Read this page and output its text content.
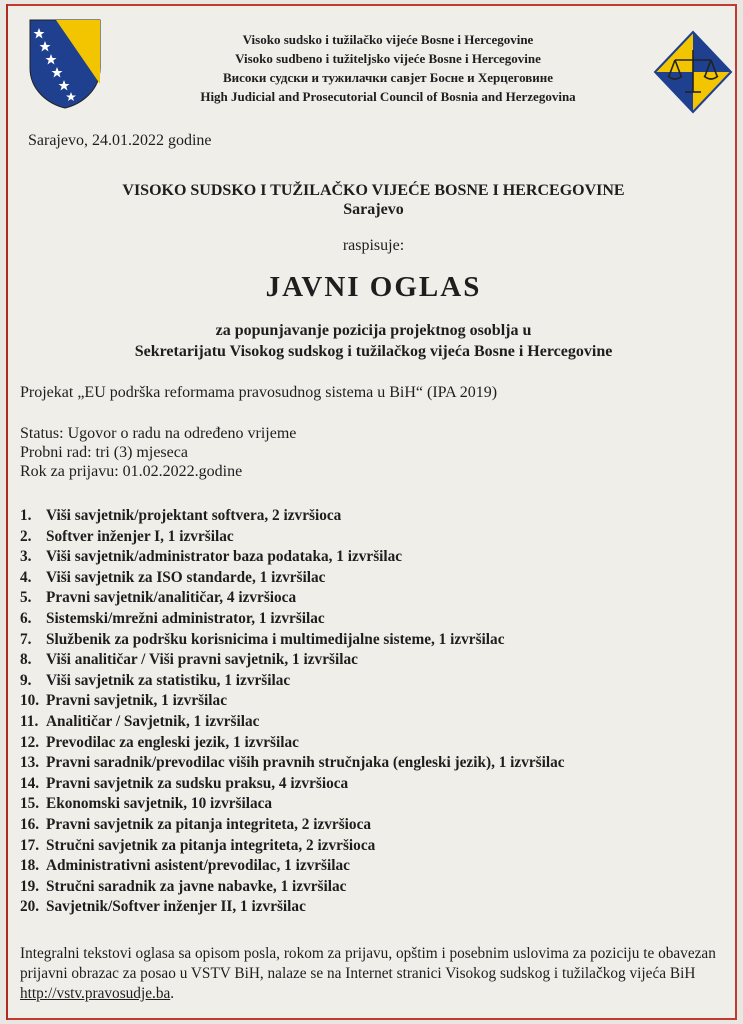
Visoko sudsko i tužilačko vijeće Bosne i Hercegovine
Visoko sudbeno i tužiteljsko vijeće Bosne i Hercegovine
Високи судски и тужилачки савјет Босне и Херцеговине
High Judicial and Prosecutorial Council of Bosnia and Herzegovina
Sarajevo, 24.01.2022 godine
VISOKO SUDSKO I TUŽILAČKO VIJEĆE BOSNE I HERCEGOVINE
Sarajevo
raspisuje:
JAVNI OGLAS
za popunjavanje pozicija projektnog osoblja u
Sekretarijatu Visokog sudskog i tužilačkog vijeća Bosne i Hercegovine
Projekat „EU podrška reformama pravosudnog sistema u BiH“ (IPA 2019)
Status: Ugovor o radu na određeno vrijeme
Probni rad: tri (3) mjeseca
Rok za prijavu: 01.02.2022.godine
1. Viši savjetnik/projektant softvera, 2 izvršioca
2. Softver inženjer I, 1 izvršilac
3. Viši savjetnik/administrator baza podataka, 1 izvršilac
4. Viši savjetnik za ISO standarde, 1 izvršilac
5. Pravni savjetnik/analitičar, 4 izvršioca
6. Sistemski/mrežni administrator, 1 izvršilac
7. Službenik za podršku korisnicima i multimedijalne sisteme, 1 izvršilac
8. Viši analitičar / Viši pravni savjetnik, 1 izvršilac
9. Viši savjetnik za statistiku, 1 izvršilac
10. Pravni savjetnik, 1 izvršilac
11. Analitičar / Savjetnik, 1 izvršilac
12. Prevodilac za engleski jezik, 1 izvršilac
13. Pravni saradnik/prevodilac viših pravnih stručnjaka (engleski jezik), 1 izvršilac
14. Pravni savjetnik za sudsku praksu, 4 izvršioca
15. Ekonomski savjetnik, 10 izvršilaca
16. Pravni savjetnik za pitanja integriteta, 2 izvršioca
17. Stručni savjetnik za pitanja integriteta, 2 izvršioca
18. Administrativni asistent/prevodilac, 1 izvršilac
19. Stručni saradnik za javne nabavke, 1 izvršilac
20. Savjetnik/Softver inženjer II, 1 izvršilac
Integralni tekstovi oglasa sa opisom posla, rokom za prijavu, opštim i posebnim uslovima za poziciju te obavezan prijavni obrazac za posao u VSTV BiH, nalaze se na Internet stranici Visokog sudskog i tužilačkog vijeća BiH http://vstv.pravosudje.ba.
